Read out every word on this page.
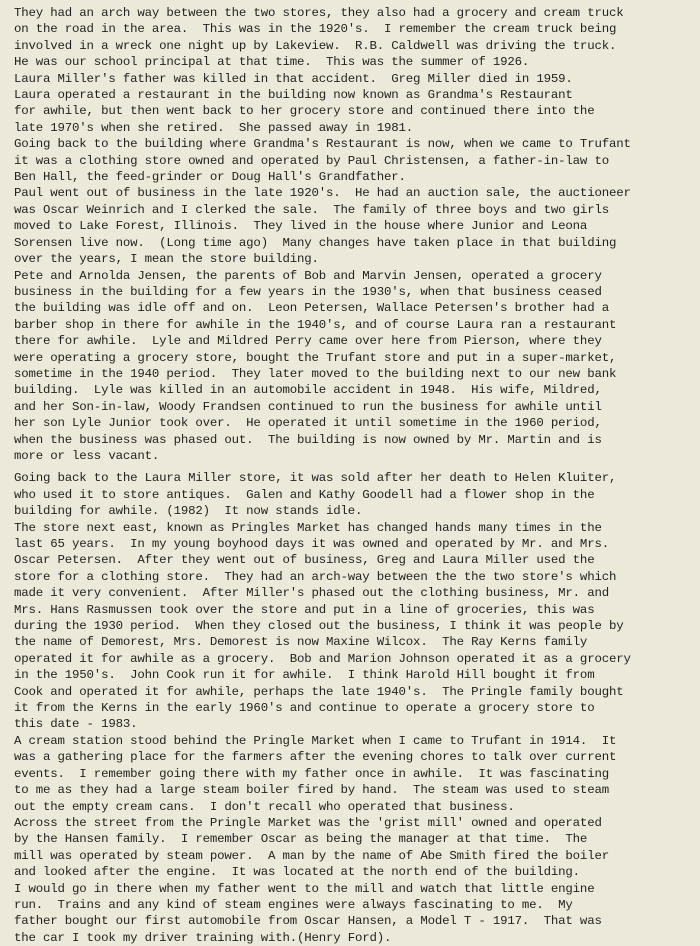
They had an arch way between the two stores, they also had a grocery and cream truck
on the road in the area.  This was in the 1920's.  I remember the cream truck being
involved in a wreck one night up by Lakeview.  R.B. Caldwell was driving the truck.
He was our school principal at that time.  This was the summer of 1926.
Laura Miller's father was killed in that accident.  Greg Miller died in 1959.
Laura operated a restaurant in the building now known as Grandma's Restaurant
for awhile, but then went back to her grocery store and continued there into the
late 1970's when she retired.  She passed away in 1981.
Going back to the building where Grandma's Restaurant is now, when we came to Trufant
it was a clothing store owned and operated by Paul Christensen, a father-in-law to
Ben Hall, the feed-grinder or Doug Hall's Grandfather.
Paul went out of business in the late 1920's.  He had an auction sale, the auctioneer
was Oscar Weinrich and I clerked the sale.  The family of three boys and two girls
moved to Lake Forest, Illinois.  They lived in the house where Junior and Leona
Sorensen live now.  (Long time ago)  Many changes have taken place in that building
over the years, I mean the store building.
Pete and Arnolda Jensen, the parents of Bob and Marvin Jensen, operated a grocery
business in the building for a few years in the 1930's, when that business ceased
the building was idle off and on.  Leon Petersen, Wallace Petersen's brother had a
barber shop in there for awhile in the 1940's, and of course Laura ran a restaurant
there for awhile.  Lyle and Mildred Perry came over here from Pierson, where they
were operating a grocery store, bought the Trufant store and put in a super-market,
sometime in the 1940 period.  They later moved to the building next to our new bank
building.  Lyle was killed in an automobile accident in 1948.  His wife, Mildred,
and her Son-in-law, Woody Frandsen continued to run the business for awhile until
her son Lyle Junior took over.  He operated it until sometime in the 1960 period,
when the business was phased out.  The building is now owned by Mr. Martin and is
more or less vacant.
Going back to the Laura Miller store, it was sold after her death to Helen Kluiter,
who used it to store antiques.  Galen and Kathy Goodell had a flower shop in the
building for awhile. (1982)  It now stands idle.
The store next east, known as Pringles Market has changed hands many times in the
last 65 years.  In my young boyhood days it was owned and operated by Mr. and Mrs.
Oscar Petersen.  After they went out of business, Greg and Laura Miller used the
store for a clothing store.  They had an arch-way between the the two store's which
made it very convenient.  After Miller's phased out the clothing business, Mr. and
Mrs. Hans Rasmussen took over the store and put in a line of groceries, this was
during the 1930 period.  When they closed out the business, I think it was people by
the name of Demorest, Mrs. Demorest is now Maxine Wilcox.  The Ray Kerns family
operated it for awhile as a grocery.  Bob and Marion Johnson operated it as a grocery
in the 1950's.  John Cook run it for awhile.  I think Harold Hill bought it from
Cook and operated it for awhile, perhaps the late 1940's.  The Pringle family bought
it from the Kerns in the early 1960's and continue to operate a grocery store to
this date - 1983.
A cream station stood behind the Pringle Market when I came to Trufant in 1914.  It
was a gathering place for the farmers after the evening chores to talk over current
events.  I remember going there with my father once in awhile.  It was fascinating
to me as they had a large steam boiler fired by hand.  The steam was used to steam
out the empty cream cans.  I don't recall who operated that business.
Across the street from the Pringle Market was the 'grist mill' owned and operated
by the Hansen family.  I remember Oscar as being the manager at that time.  The
mill was operated by steam power.  A man by the name of Abe Smith fired the boiler
and looked after the engine.  It was located at the north end of the building.
I would go in there when my father went to the mill and watch that little engine
run.  Trains and any kind of steam engines were always fascinating to me.  My
father bought our first automobile from Oscar Hansen, a Model T - 1917.  That was
the car I took my driver training with.(Henry Ford).
